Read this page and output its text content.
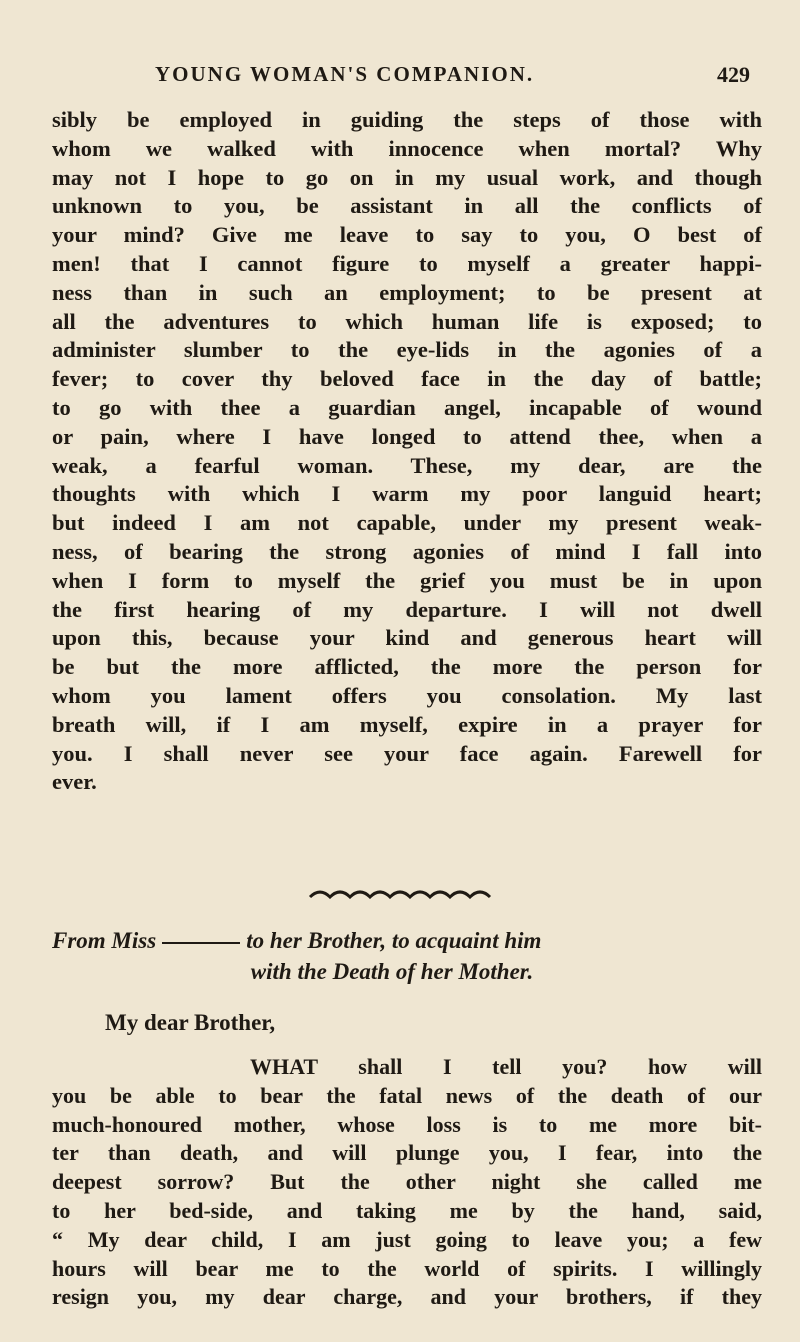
YOUNG WOMAN'S COMPANION.	429
sibly be employed in guiding the steps of those with
whom we walked with innocence when mortal? Why
may not I hope to go on in my usual work, and though
unknown to you, be assistant in all the conflicts of
your mind? Give me leave to say to you, O best of
men! that I cannot figure to myself a greater happi-
ness than in such an employment; to be present at
all the adventures to which human life is exposed; to
administer slumber to the eye-lids in the agonies of a
fever; to cover thy beloved face in the day of battle;
to go with thee a guardian angel, incapable of wound
or pain, where I have longed to attend thee, when a
weak, a fearful woman. These, my dear, are the
thoughts with which I warm my poor languid heart;
but indeed I am not capable, under my present weak-
ness, of bearing the strong agonies of mind I fall into
when I form to myself the grief you must be in upon
the first hearing of my departure. I will not dwell
upon this, because your kind and generous heart will
be but the more afflicted, the more the person for
whom you lament offers you consolation. My last
breath will, if I am myself, expire in a prayer for
you. I shall never see your face again. Farewell for
ever.
From Miss	to her Brother, to acquaint him
with the Death of her Mother.
My dear Brother,
WHAT shall I tell you? how will
you be able to bear the fatal news of the death of our
much-honoured mother, whose loss is to me more bit-
ter than death, and will plunge you, I fear, into the
deepest sorrow? But the other night she called me
to her bed-side, and taking me by the hand, said,
“ My dear child, I am just going to leave you; a few
hours will bear me to the world of spirits. I willingly
resign you, my dear charge, and your brothers, if they
